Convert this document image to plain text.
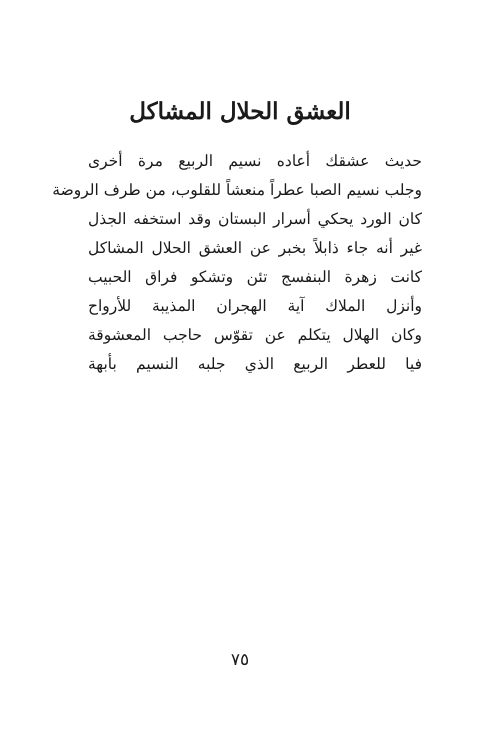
العشق الحلال المشاكل
حديث عشقك أعاده نسيم الربيع مرة أخرى
وجلب نسيم الصبا عطراً منعشاً للقلوب، من طرف الروضة
كان الورد يحكي أسرار البستان وقد استخفه الجذل
غير أنه جاء ذابلاً بخبر عن العشق الحلال المشاكل
كانت زهرة البنفسج تئن وتشكو فراق الحبيب
وأنزل الملاك آية الهجران المذيبة للأرواح
وكان الهلال يتكلم عن تقوّس حاجب المعشوقة
فيا للعطر الربيع الذي جلبه النسيم بأبهة
٧٥
